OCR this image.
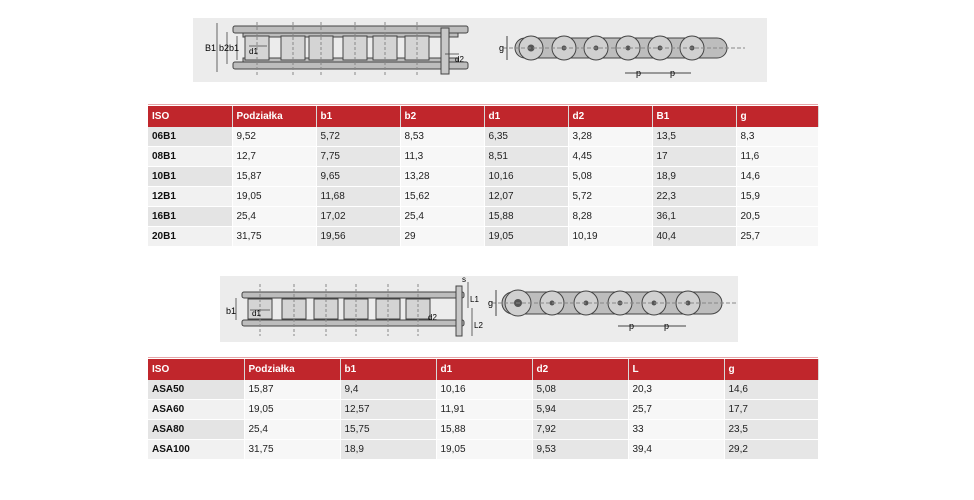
B1 b2 b1 d1
d2
g
p	p
ISO	Podziałka	b1	b2	d1	d2	B1	g
06B1	9,52	5,72	8,53	6,35	3,28	13,5	8,3
08B1	12,7	7,75	11,3	8,51	4,45	17	11,6
10B1	15,87	9,65	13,28	10,16	5,08	18,9	14,6
12B1	19,05	11,68	15,62	12,07	5,72	22,3	15,9
16B1	25,4	17,02	25,4	15,88	8,28	36,1	20,5
20B1	31,75	19,56	29	19,05	10,19	40,4	25,7
b1 d1
s
L1
L2
d2
g
p	p
ISO	Podziałka	b1	d1	d2	L	g
ASA50	15,87	9,4	10,16	5,08	20,3	14,6
ASA60	19,05	12,57	11,91	5,94	25,7	17,7
ASA80	25,4	15,75	15,88	7,92	33	23,5
ASA100	31,75	18,9	19,05	9,53	39,4	29,2
